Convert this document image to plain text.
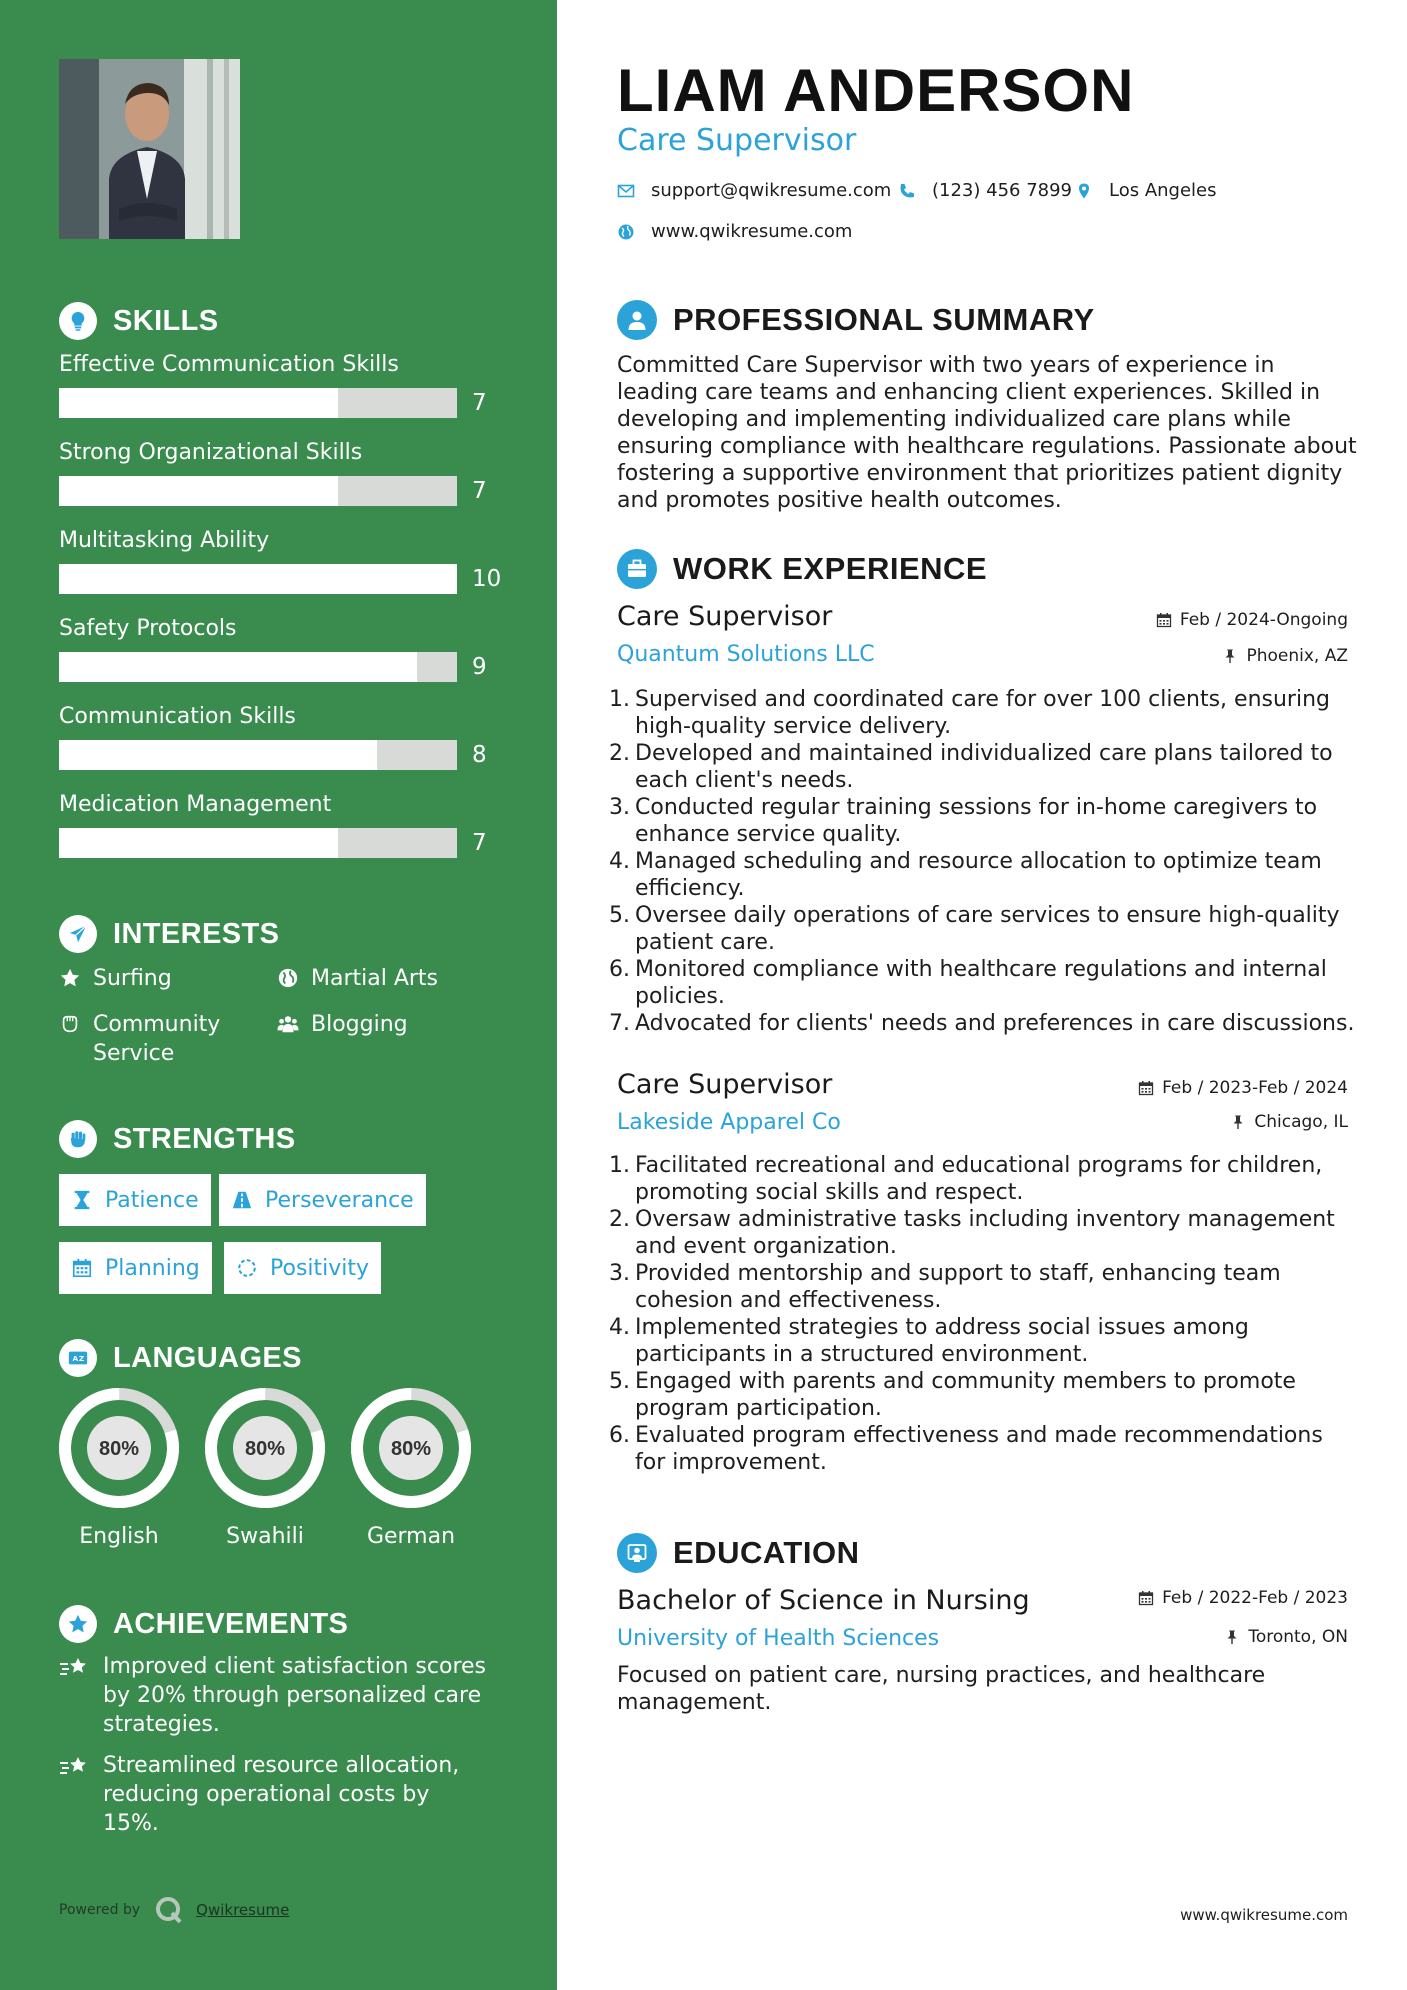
SKILLS
Effective Communication Skills
7
Strong Organizational Skills
7
Multitasking Ability
10
Safety Protocols
9
Communication Skills
8
Medication Management
7
INTERESTS
Surfing	Martial Arts
Community Service
Blogging
STRENGTHS
Patience	Perseverance
Planning	Positivity
A Z LANGUAGES
80%
English
80%
Swahili
80%
German
ACHIEVEMENTS
Improved client satisfaction scores by 20% through personalized care strategies.
Streamlined resource allocation, reducing operational costs by 15%.
Powered by	Qwikresume
LIAM ANDERSON
Care Supervisor
support@qwikresume.com (123) 456 7899 Los Angeles
www.qwikresume.com
PROFESSIONAL SUMMARY
Committed Care Supervisor with two years of experience in leading care teams and enhancing client experiences. Skilled in developing and implementing individualized care plans while ensuring compliance with healthcare regulations. Passionate about fostering a supportive environment that prioritizes patient dignity and promotes positive health outcomes.
WORK EXPERIENCE
Care Supervisor	Feb / 2024-Ongoing
Quantum Solutions LLC	Phoenix, AZ
1. Supervised and coordinated care for over 100 clients, ensuring high-quality service delivery.
2. Developed and maintained individualized care plans tailored to each client's needs.
3. Conducted regular training sessions for in-home caregivers to enhance service quality.
4. Managed scheduling and resource allocation to optimize team efficiency.
5. Oversee daily operations of care services to ensure high-quality patient care.
6. Monitored compliance with healthcare regulations and internal policies.
7. Advocated for clients' needs and preferences in care discussions.
Care Supervisor	Feb / 2023-Feb / 2024
Lakeside Apparel Co	Chicago, IL
1. Facilitated recreational and educational programs for children, promoting social skills and respect.
2. Oversaw administrative tasks including inventory management and event organization.
3. Provided mentorship and support to staff, enhancing team cohesion and effectiveness.
4. Implemented strategies to address social issues among participants in a structured environment.
5. Engaged with parents and community members to promote program participation.
6. Evaluated program effectiveness and made recommendations for improvement.
EDUCATION
Bachelor of Science in Nursing	Feb / 2022-Feb / 2023
University of Health Sciences	Toronto, ON
Focused on patient care, nursing practices, and healthcare management.
www.qwikresume.com
